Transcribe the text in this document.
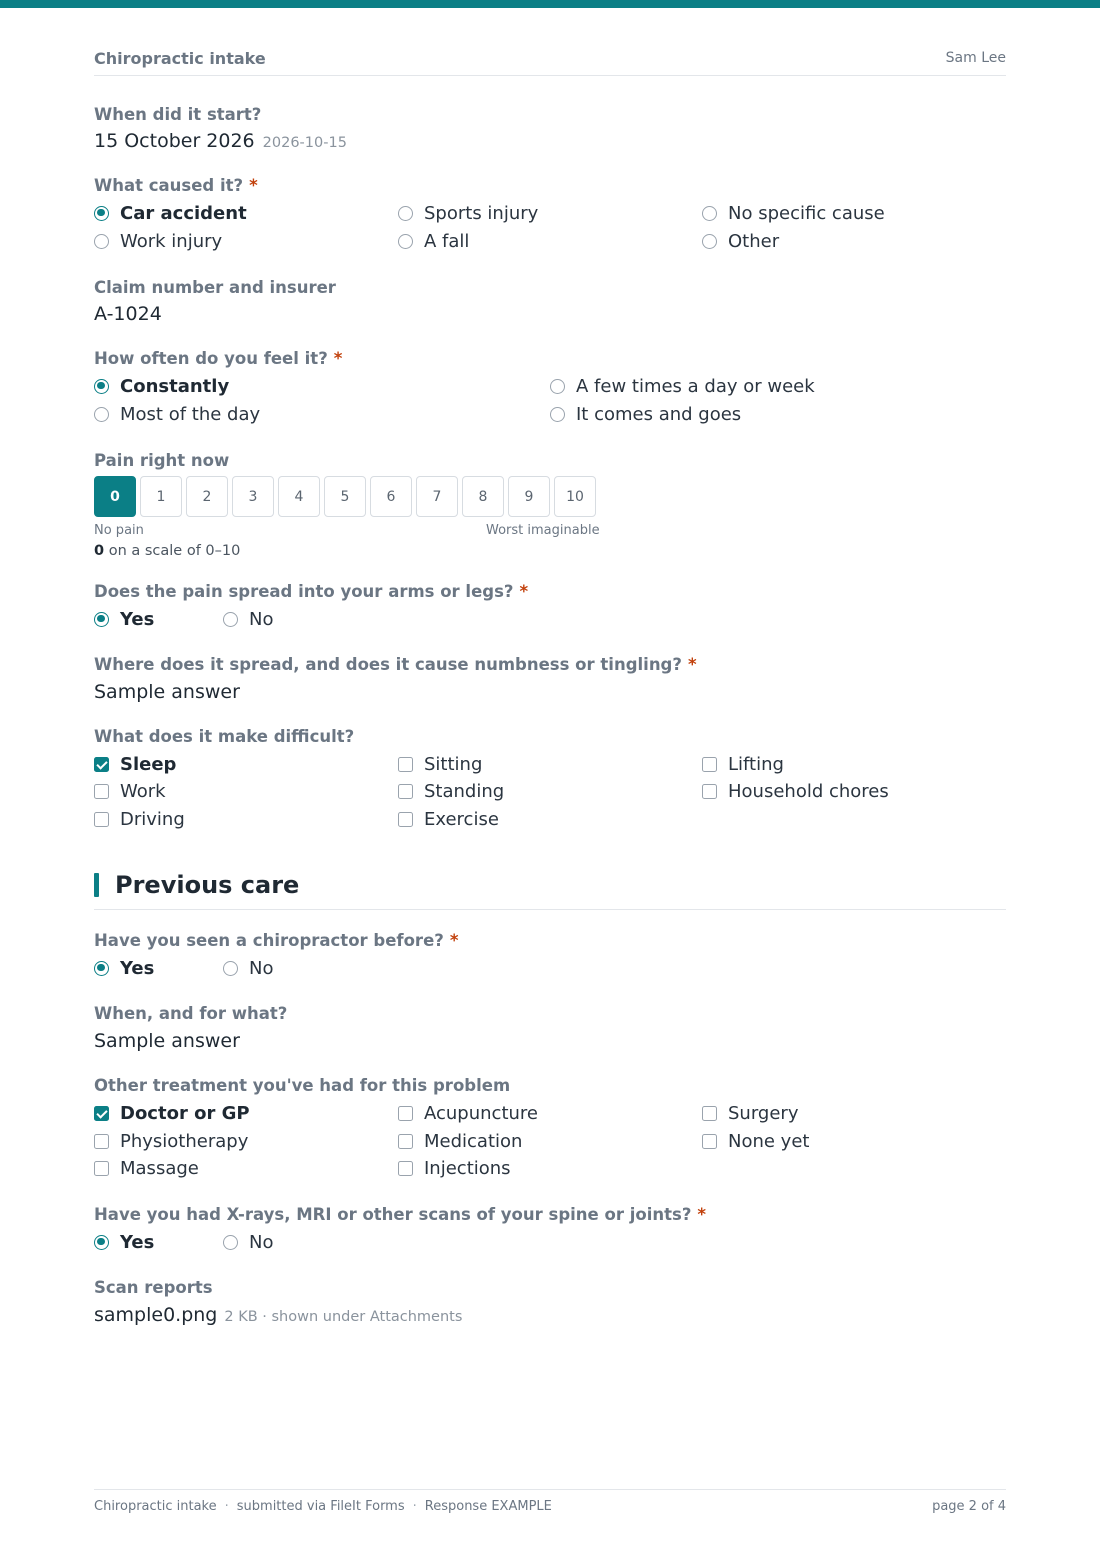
Chiropractic intake	Sam Lee
When did it start?
15 October 2026 2026-10-15
What caused it? *
Car accident	Sports injury	No specific cause
Work injury	A fall	Other
Claim number and insurer
A-1024
How often do you feel it? *
Constantly	A few times a day or week
Most of the day	It comes and goes
Pain right now
0	1	2	3	4	5	6	7	8	9	10
No pain	Worst imaginable
0 on a scale of 0–10
Does the pain spread into your arms or legs? *
Yes	No
Where does it spread, and does it cause numbness or tingling? *
Sample answer
What does it make difficult?
Sleep	Sitting	Lifting
Work	Standing	Household chores
Driving	Exercise
Previous care
Have you seen a chiropractor before? *
Yes	No
When, and for what?
Sample answer
Other treatment you've had for this problem
Doctor or GP	Acupuncture	Surgery
Physiotherapy	Medication	None yet
Massage	Injections
Have you had X-rays, MRI or other scans of your spine or joints? *
Yes	No
Scan reports
sample0.png 2 KB · shown under Attachments
Chiropractic intake · submitted via FileIt Forms · Response EXAMPLE	page 2 of 4
